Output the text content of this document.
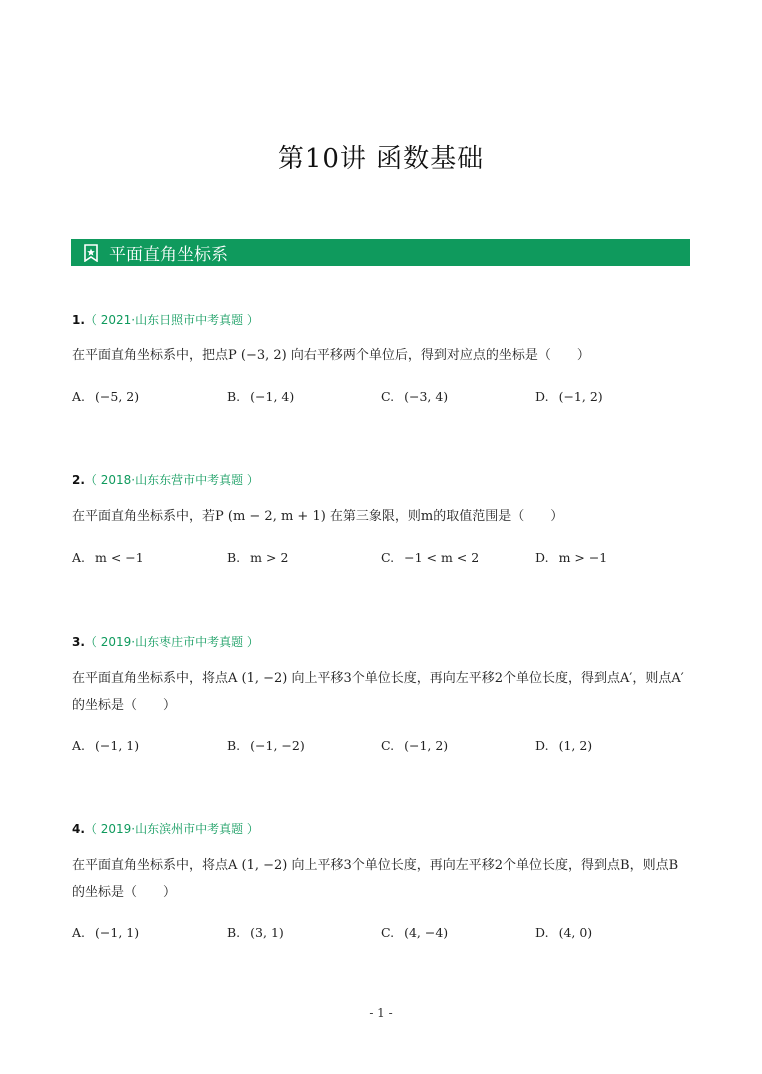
第10讲 函数基础
平面直角坐标系
1.（ 2021·山东日照市中考真题 ）
在平面直角坐标系中，把点P (−3, 2) 向右平移两个单位后，得到对应点的坐标是（　　）
A. (−5, 2)	B. (−1, 4)	C. (−3, 4)	D. (−1, 2)
2.（ 2018·山东东营市中考真题 ）
在平面直角坐标系中，若P (m − 2, m + 1) 在第三象限，则m的取值范围是（　　）
A. m < −1	B. m > 2	C. −1 < m < 2	D. m > −1
3.（ 2019·山东枣庄市中考真题 ）
在平面直角坐标系中，将点A (1, −2) 向上平移3个单位长度，再向左平移2个单位长度，得到点A′，则点A′
的坐标是（　　）
A. (−1, 1)	B. (−1, −2)	C. (−1, 2)	D. (1, 2)
4.（ 2019·山东滨州市中考真题 ）
在平面直角坐标系中，将点A (1, −2) 向上平移3个单位长度，再向左平移2个单位长度，得到点B，则点B
的坐标是（　　）
A. (−1, 1)	B. (3, 1)	C. (4, −4)	D. (4, 0)
- 1 -
